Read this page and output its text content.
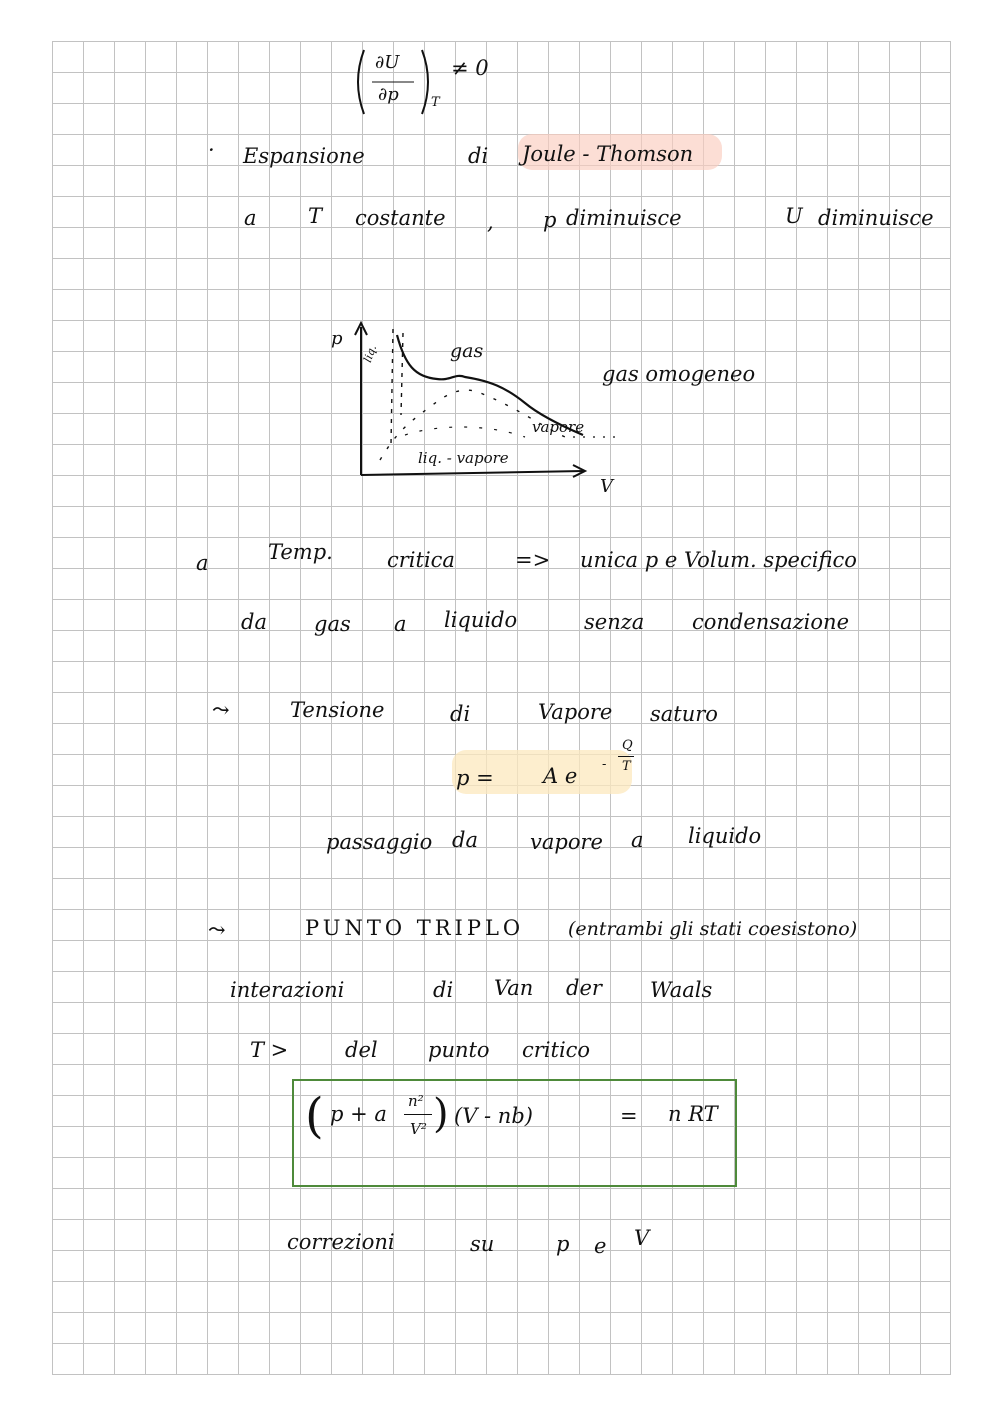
∂U
∂p T
≠ 0
· Espansione	di Joule - Thomson
a T costante , p diminuisce	U diminuisce
p
V
gas
liq.
vapore
liq. - vapore
gas omogeneo
a	Temp.	critica	=> unica p e Volum. specifico
da gas a liquido	senza condensazione
⤳	Tensione	di	Vapore saturo
p = A e -
Q
T
passaggio da vapore a liquido
⤳	PUNTO TRIPLO (entrambi gli stati coesistono)
interazioni	di Van der Waals
T >	del punto critico
( p + a
n²
V² ) (V - nb)	= n RT
correzioni	su	p e V
